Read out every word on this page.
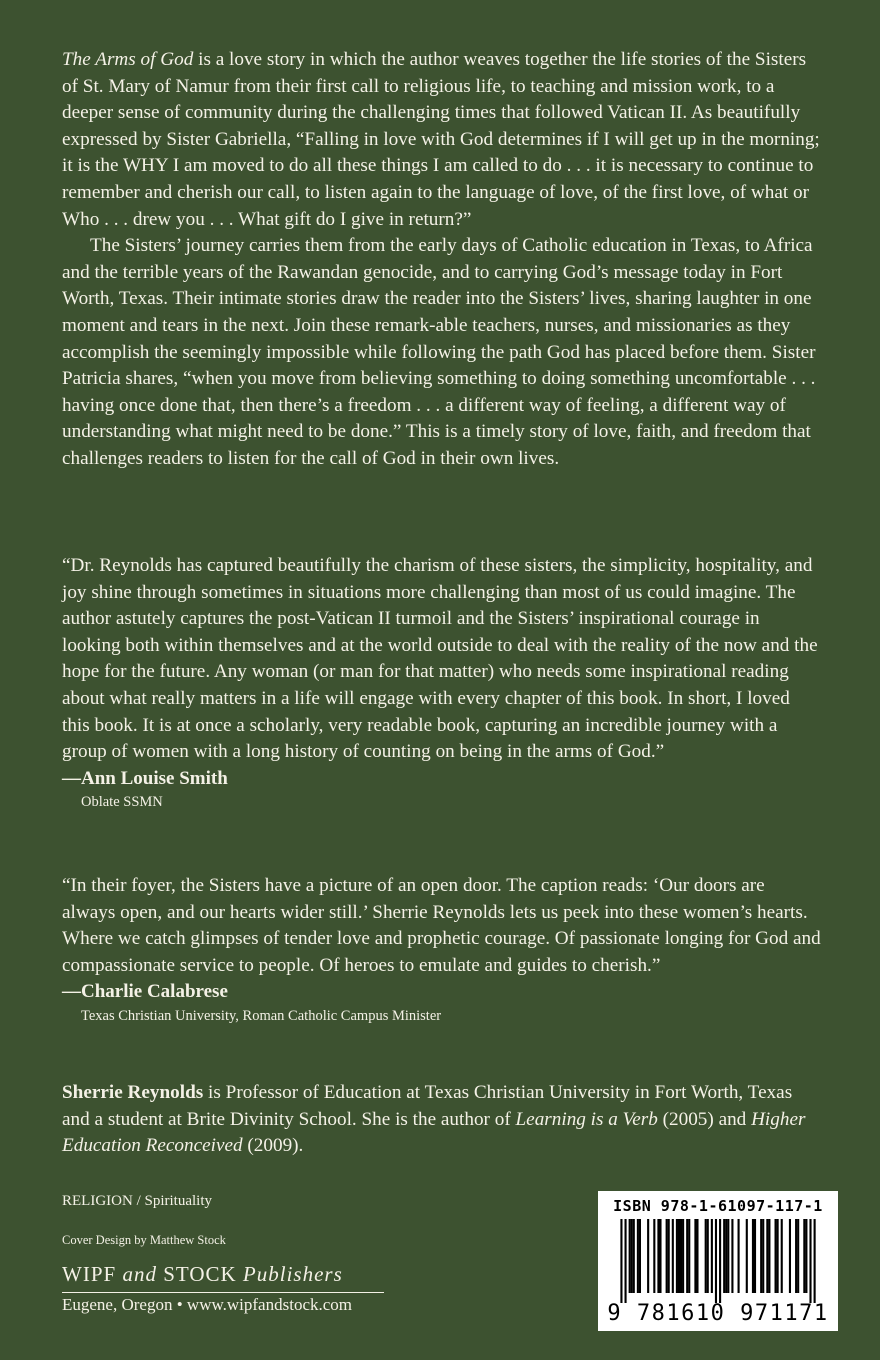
The Arms of God is a love story in which the author weaves together the life stories of the Sisters of St. Mary of Namur from their first call to religious life, to teaching and mission work, to a deeper sense of community during the challenging times that followed Vatican II. As beautifully expressed by Sister Gabriella, “Falling in love with God determines if I will get up in the morning; it is the WHY I am moved to do all these things I am called to do . . . it is necessary to continue to remember and cherish our call, to listen again to the language of love, of the first love, of what or Who . . . drew you . . . What gift do I give in return?”

The Sisters’ journey carries them from the early days of Catholic education in Texas, to Africa and the terrible years of the Rawandan genocide, and to carrying God’s message today in Fort Worth, Texas. Their intimate stories draw the reader into the Sisters’ lives, sharing laughter in one moment and tears in the next. Join these remark-able teachers, nurses, and missionaries as they accomplish the seemingly impossible while following the path God has placed before them. Sister Patricia shares, “when you move from believing something to doing something uncomfortable . . . having once done that, then there’s a freedom . . . a different way of feeling, a different way of understanding what might need to be done.” This is a timely story of love, faith, and freedom that challenges readers to listen for the call of God in their own lives.

“Dr. Reynolds has captured beautifully the charism of these sisters, the simplicity, hospitality, and joy shine through sometimes in situations more challenging than most of us could imagine. The author astutely captures the post-Vatican II turmoil and the Sisters’ inspirational courage in looking both within themselves and at the world outside to deal with the reality of the now and the hope for the future. Any woman (or man for that matter) who needs some inspirational reading about what really matters in a life will engage with every chapter of this book. In short, I loved this book. It is at once a scholarly, very readable book, capturing an incredible journey with a group of women with a long history of counting on being in the arms of God.”

—Ann Louise Smith
Oblate SSMN

“In their foyer, the Sisters have a picture of an open door. The caption reads: ‘Our doors are always open, and our hearts wider still.’ Sherrie Reynolds lets us peek into these women’s hearts. Where we catch glimpses of tender love and prophetic courage. Of passionate longing for God and compassionate service to people. Of heroes to emulate and guides to cherish.”

—Charlie Calabrese
Texas Christian University, Roman Catholic Campus Minister

Sherrie Reynolds is Professor of Education at Texas Christian University in Fort Worth, Texas and a student at Brite Divinity School. She is the author of Learning is a Verb (2005) and Higher Education Reconceived (2009).

RELIGION / Spirituality
Cover Design by Matthew Stock
WIPF and STOCK Publishers
Eugene, Oregon • www.wipfandstock.com
ISBN 978-1-61097-117-1
9 781610 971171
